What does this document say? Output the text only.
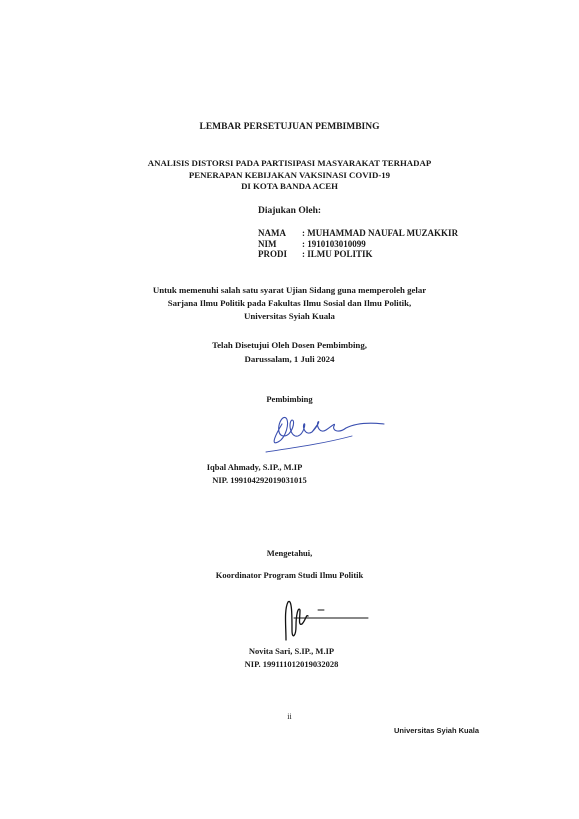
LEMBAR PERSETUJUAN PEMBIMBING
ANALISIS DISTORSI PADA PARTISIPASI MASYARAKAT TERHADAP
PENERAPAN KEBIJAKAN VAKSINASI COVID-19
DI KOTA BANDA ACEH
Diajukan Oleh:
NAMA	: MUHAMMAD NAUFAL MUZAKKIR
NIM	: 1910103010099
PRODI	: ILMU POLITIK
Untuk memenuhi salah satu syarat Ujian Sidang guna memperoleh gelar
Sarjana Ilmu Politik pada Fakultas Ilmu Sosial dan Ilmu Politik,
Universitas Syiah Kuala
Telah Disetujui Oleh Dosen Pembimbing,
Darussalam, 1 Juli 2024
Pembimbing
Iqbal Ahmady, S.IP., M.IP
NIP. 199104292019031015
Mengetahui,
Koordinator Program Studi Ilmu Politik
Novita Sari, S.IP., M.IP
NIP. 199111012019032028
ii
Universitas Syiah Kuala
